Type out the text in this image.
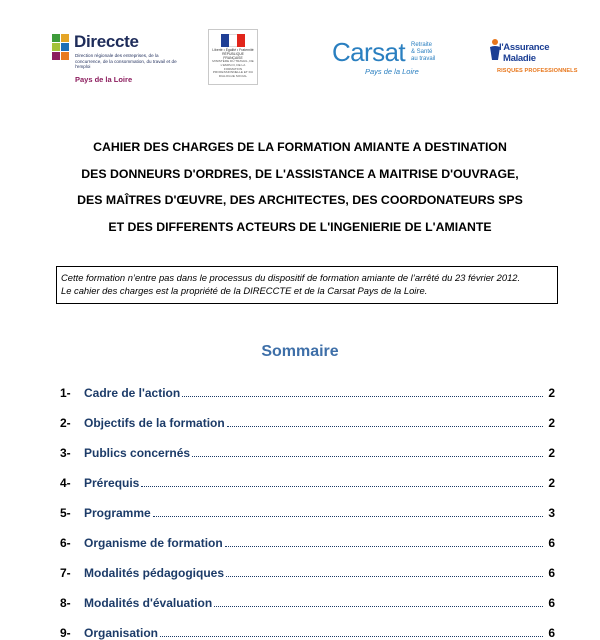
Direccte
Direction régionale des entreprises, de la concurrence, de la consommation, du travail et de l'emploi
Pays de la Loire
Liberté • Égalité • Fraternité RÉPUBLIQUE FRANÇAISE
MINISTÈRE DU TRAVAIL, DE L'EMPLOI, DE LA FORMATION PROFESSIONNELLE ET DU DIALOGUE SOCIAL
Carsat Retraite
& Santé
au travail
Pays de la Loire
l'Assurance
Maladie
RISQUES PROFESSIONNELS
CAHIER DES CHARGES DE LA FORMATION AMIANTE A DESTINATION
DES DONNEURS D'ORDRES, DE L'ASSISTANCE A MAITRISE D'OUVRAGE,
DES MAÎTRES D'ŒUVRE, DES ARCHITECTES, DES COORDONATEURS SPS
ET DES DIFFERENTS ACTEURS DE L'INGENIERIE DE L'AMIANTE
Cette formation n’entre pas dans le processus du dispositif de formation amiante de l’arrêté du 23 février 2012.
Le cahier des charges est la propriété de la DIRECCTE et de la Carsat Pays de la Loire.
Sommaire
1-	Cadre de l'action	2
2-	Objectifs de la formation	2
3-	Publics concernés	2
4-	Prérequis	2
5-	Programme	3
6-	Organisme de formation	6
7-	Modalités pédagogiques	6
8-	Modalités d'évaluation	6
9-	Organisation	6
